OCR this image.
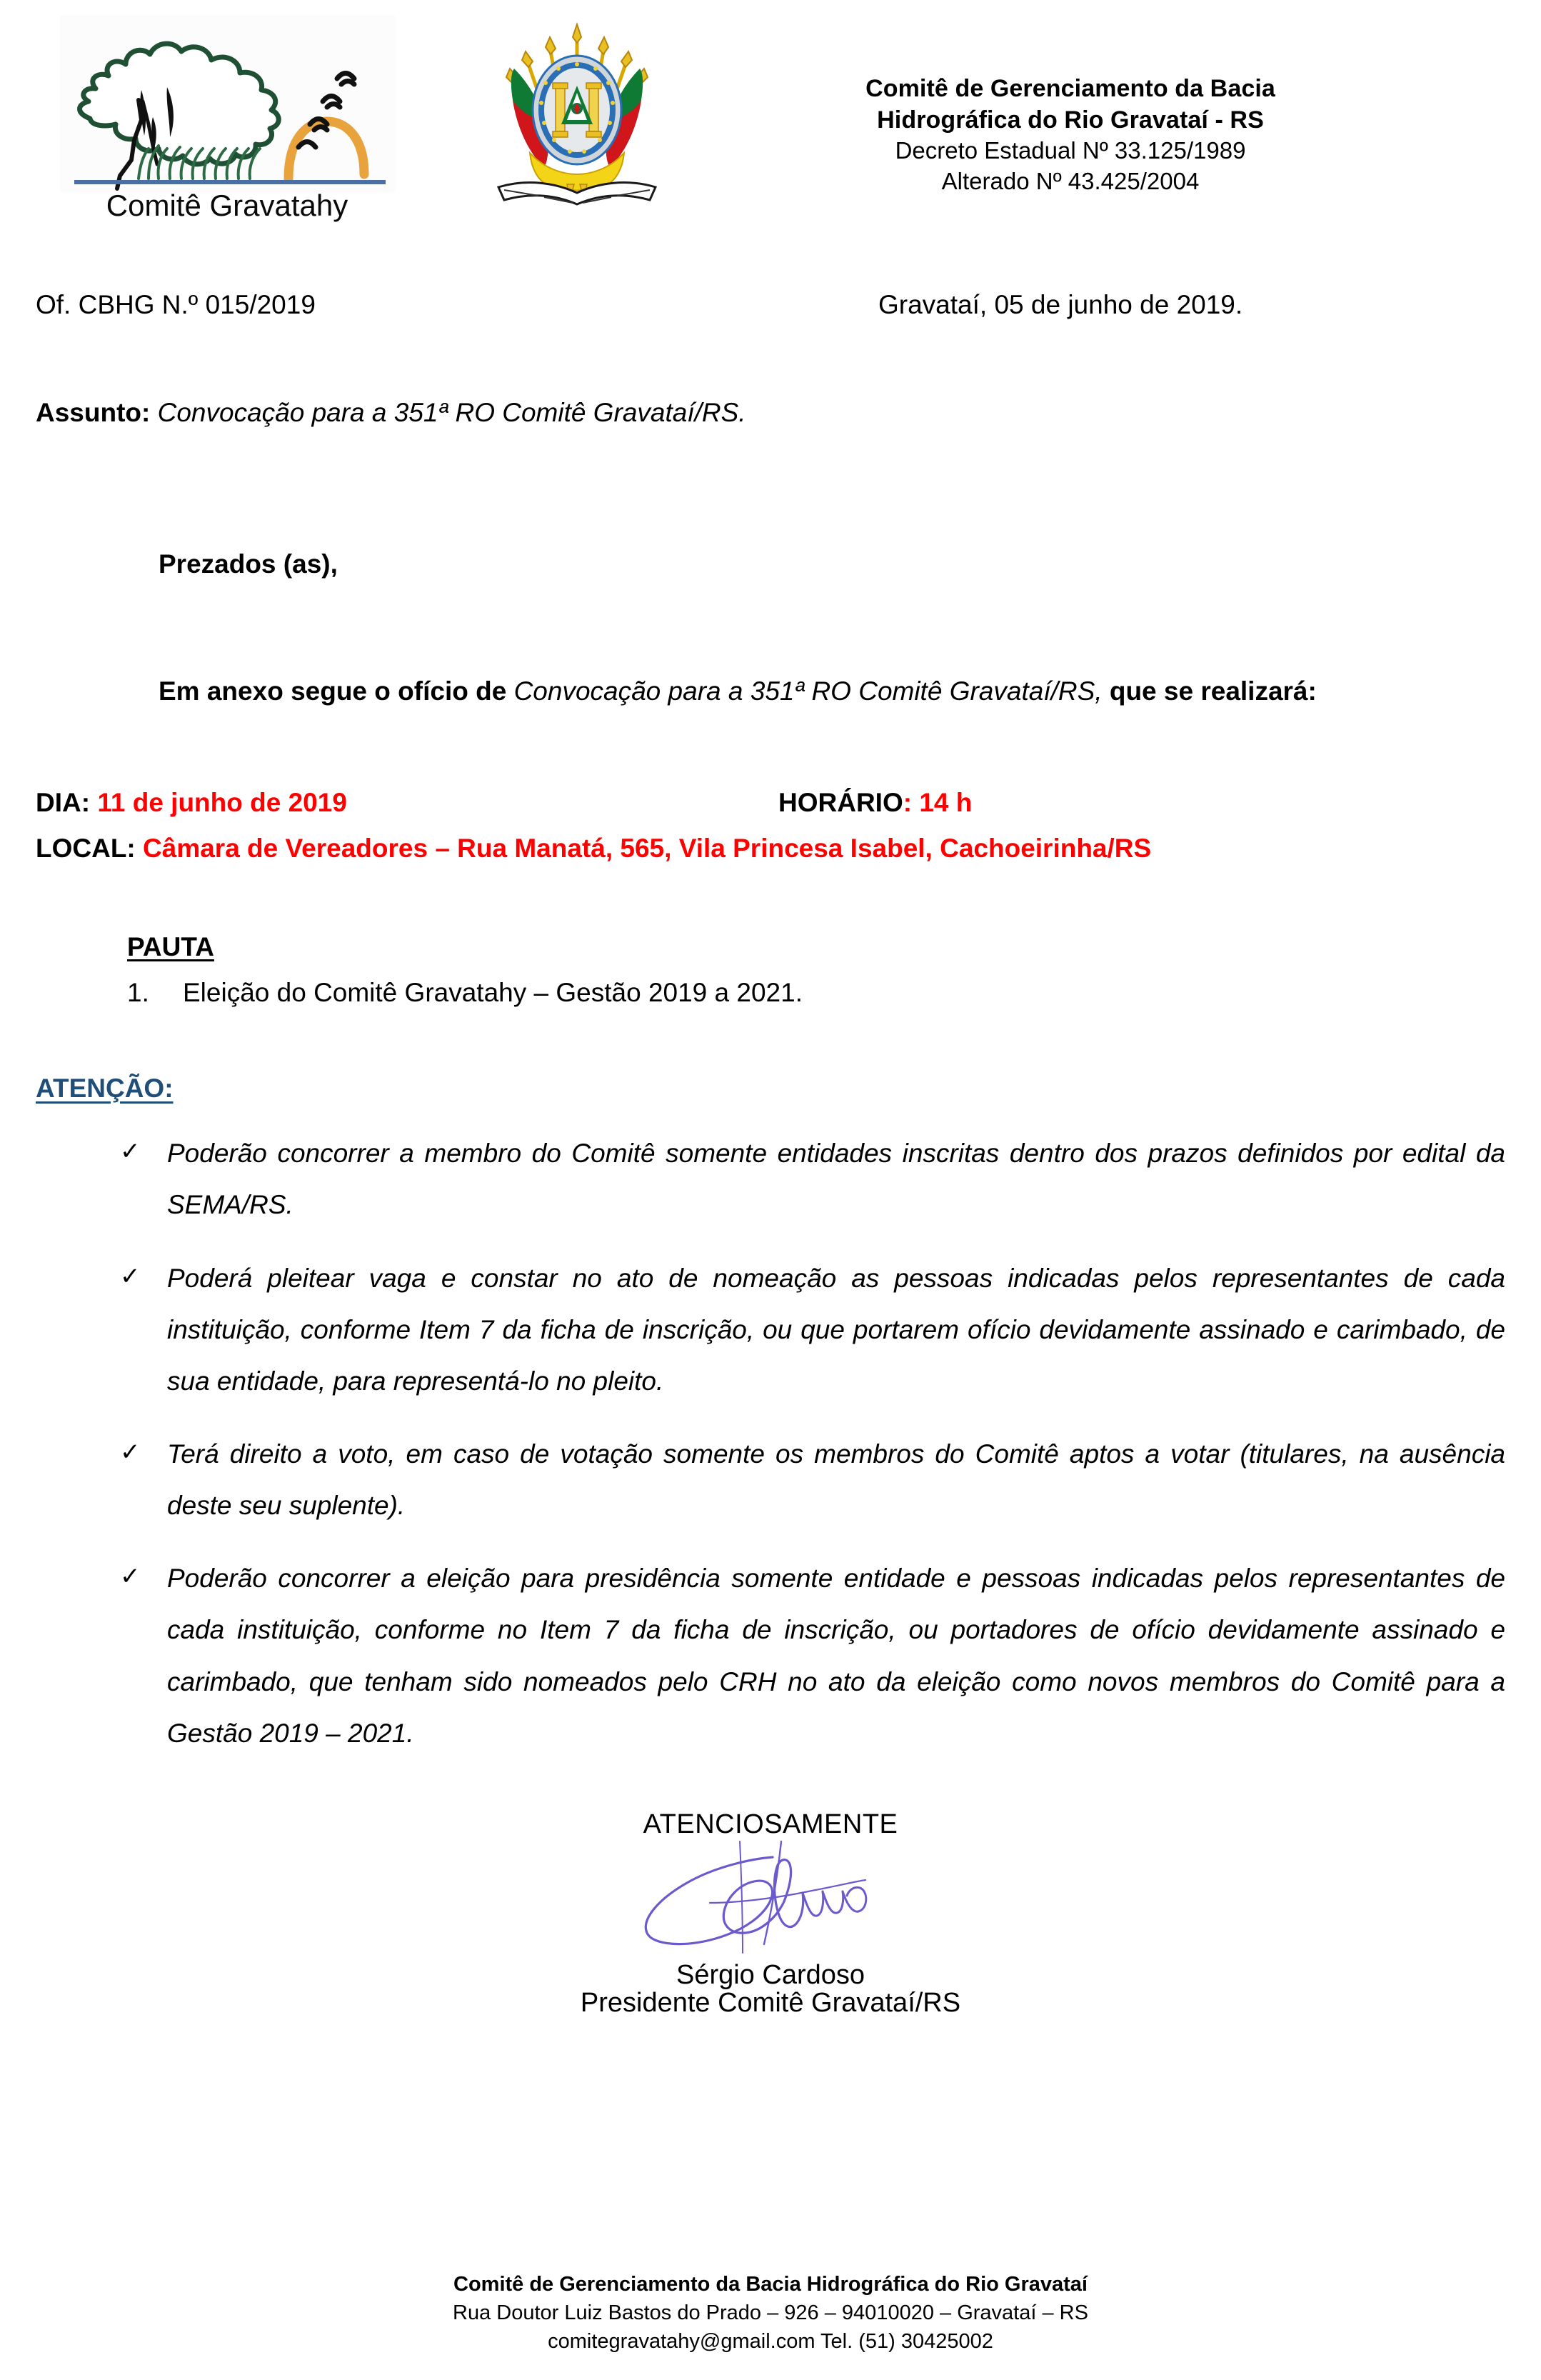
Comitê Gravatahy
Comitê de Gerenciamento da Bacia
Hidrográfica do Rio Gravataí - RS
Decreto Estadual Nº 33.125/1989
Alterado Nº 43.425/2004
Of. CBHG N.º 015/2019	Gravataí, 05 de junho de 2019.
Assunto: Convocação para a 351ª RO Comitê Gravataí/RS.
Prezados (as),
Em anexo segue o ofício de Convocação para a 351ª RO Comitê Gravataí/RS, que se realizará:
DIA: 11 de junho de 2019	HORÁRIO: 14 h
LOCAL: Câmara de Vereadores – Rua Manatá, 565, Vila Princesa Isabel, Cachoeirinha/RS
PAUTA
1.	Eleição do Comitê Gravatahy – Gestão 2019 a 2021.
ATENÇÃO:
✓	Poderão concorrer a membro do Comitê somente entidades inscritas dentro dos prazos definidos por edital da SEMA/RS.
✓	Poderá pleitear vaga e constar no ato de nomeação as pessoas indicadas pelos representantes de cada instituição, conforme Item 7 da ficha de inscrição, ou que portarem ofício devidamente assinado e carimbado, de sua entidade, para representá-lo no pleito.
✓	Terá direito a voto, em caso de votação somente os membros do Comitê aptos a votar (titulares, na ausência deste seu suplente).
✓	Poderão concorrer a eleição para presidência somente entidade e pessoas indicadas pelos representantes de cada instituição, conforme no Item 7 da ficha de inscrição, ou portadores de ofício devidamente assinado e carimbado, que tenham sido nomeados pelo CRH no ato da eleição como novos membros do Comitê para a Gestão 2019 – 2021.
ATENCIOSAMENTE
Sérgio Cardoso
Presidente Comitê Gravataí/RS
Comitê de Gerenciamento da Bacia Hidrográfica do Rio Gravataí
Rua Doutor Luiz Bastos do Prado – 926 – 94010020 – Gravataí – RS
comitegravatahy@gmail.com Tel. (51) 30425002
